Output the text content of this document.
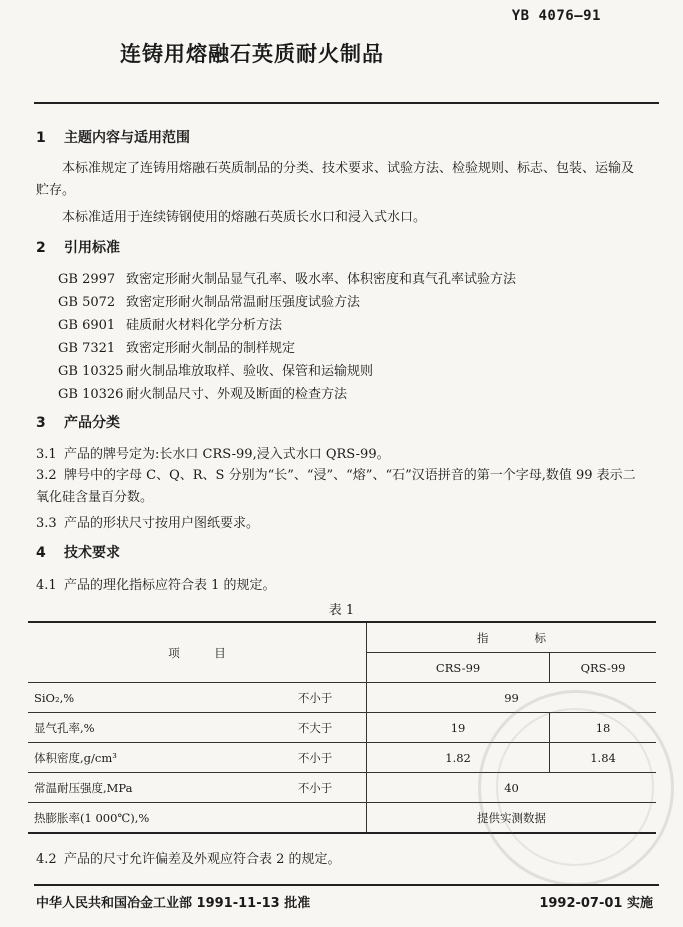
YB 4076—91
连铸用熔融石英质耐火制品
1 主题内容与适用范围
本标准规定了连铸用熔融石英质制品的分类、技术要求、试验方法、检验规则、标志、包装、运输及贮存。
本标准适用于连续铸钢使用的熔融石英质长水口和浸入式水口。
2 引用标准
GB 2997 致密定形耐火制品显气孔率、吸水率、体积密度和真气孔率试验方法
GB 5072 致密定形耐火制品常温耐压强度试验方法
GB 6901 硅质耐火材料化学分析方法
GB 7321 致密定形耐火制品的制样规定
GB 10325 耐火制品堆放取样、验收、保管和运输规则
GB 10326 耐火制品尺寸、外观及断面的检查方法
3 产品分类
3.1 产品的牌号定为:长水口 CRS-99,浸入式水口 QRS-99。
3.2 牌号中的字母 C、Q、R、S 分别为“长”、“浸”、“熔”、“石”汉语拼音的第一个字母,数值 99 表示二氧化硅含量百分数。
3.3 产品的形状尺寸按用户图纸要求。
4 技术要求
4.1 产品的理化指标应符合表 1 的规定。
表 1
项　　　目		指　　　　标	
		CRS-99	QRS-99
SiO₂,%	不小于	99	
显气孔率,%	不大于	19	18
体积密度,g/cm³	不小于	1.82	1.84
常温耐压强度,MPa	不小于	40	
热膨胀率(1 000℃),%		提供实测数据	
4.2 产品的尺寸允许偏差及外观应符合表 2 的规定。
中华人民共和国冶金工业部 1991-11-13 批准	1992-07-01 实施
